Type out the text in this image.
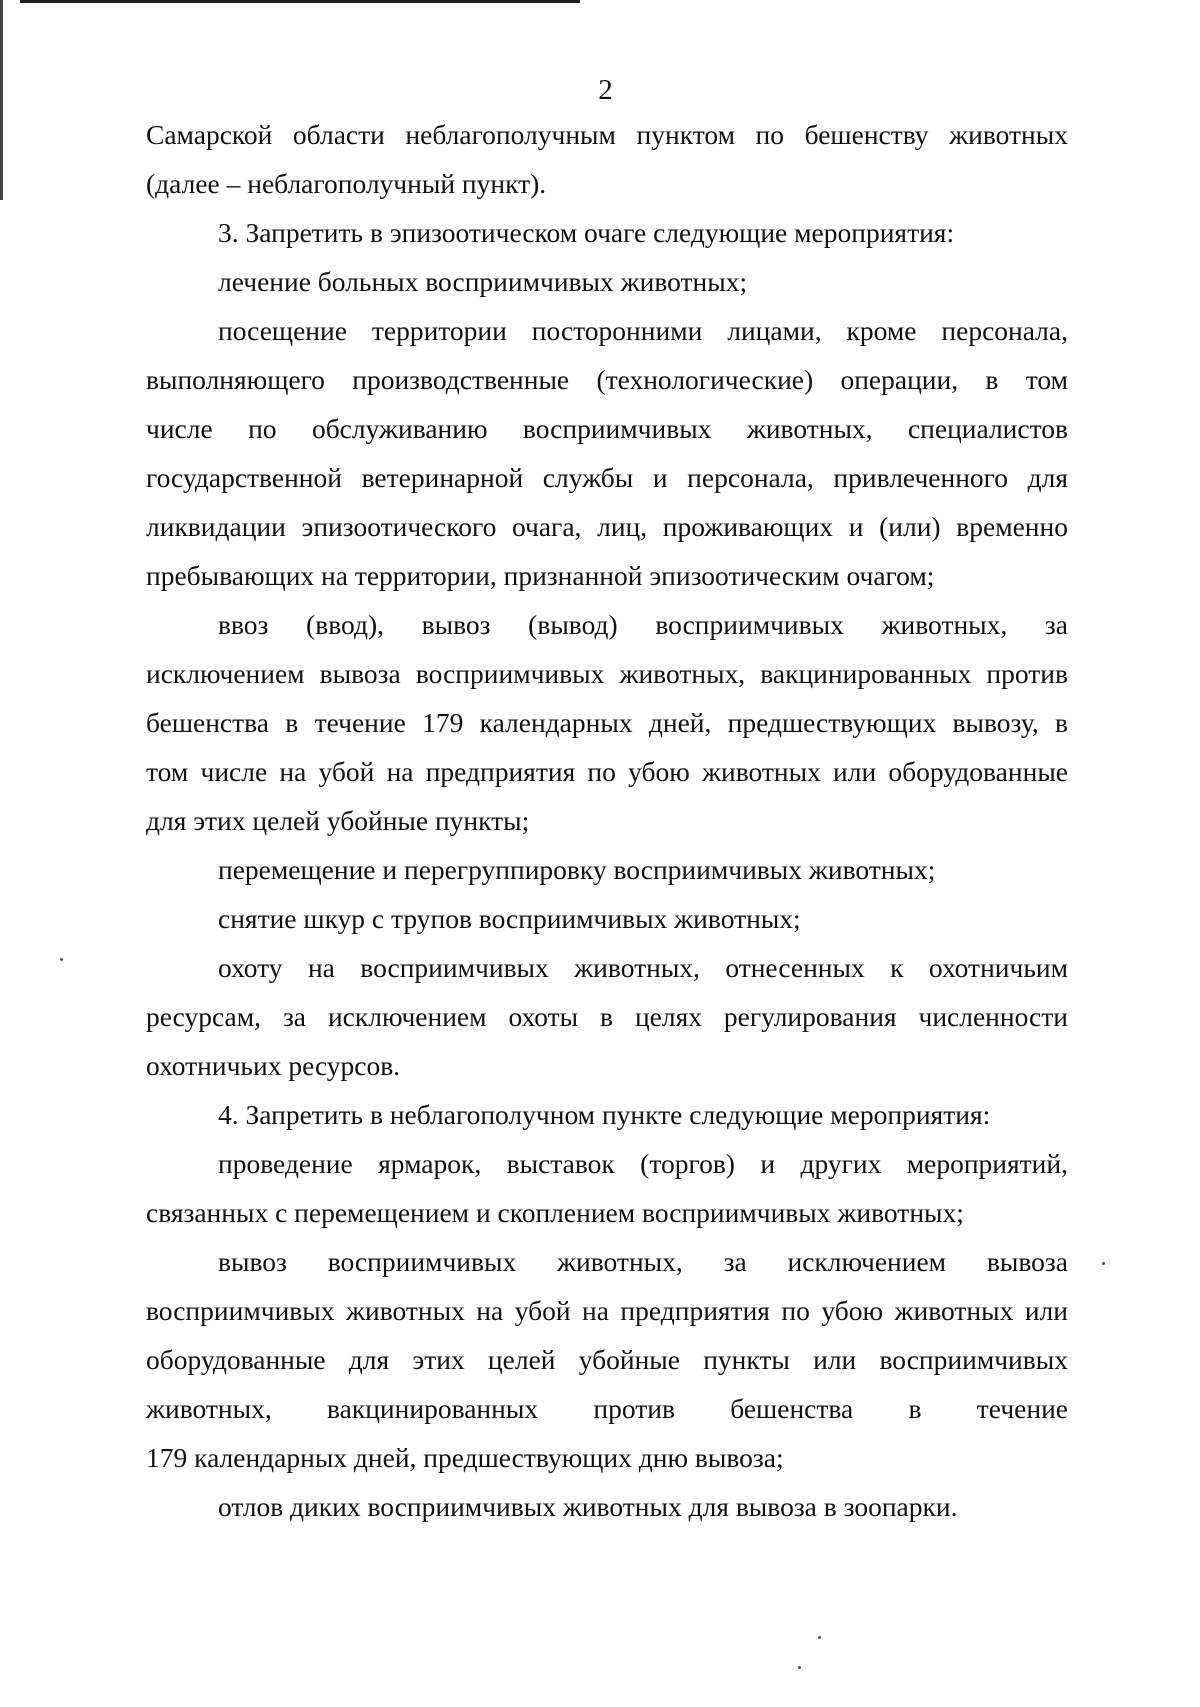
2
Самарской области неблагополучным пунктом по бешенству животных
(далее – неблагополучный пункт).
3. Запретить в эпизоотическом очаге следующие мероприятия:
лечение больных восприимчивых животных;
посещение территории посторонними лицами, кроме персонала,
выполняющего производственные (технологические) операции, в том
числе по обслуживанию восприимчивых животных, специалистов
государственной ветеринарной службы и персонала, привлеченного для
ликвидации эпизоотического очага, лиц, проживающих и (или) временно
пребывающих на территории, признанной эпизоотическим очагом;
ввоз (ввод), вывоз (вывод) восприимчивых животных, за
исключением вывоза восприимчивых животных, вакцинированных против
бешенства в течение 179 календарных дней, предшествующих вывозу, в
том числе на убой на предприятия по убою животных или оборудованные
для этих целей убойные пункты;
перемещение и перегруппировку восприимчивых животных;
снятие шкур с трупов восприимчивых животных;
охоту на восприимчивых животных, отнесенных к охотничьим
ресурсам, за исключением охоты в целях регулирования численности
охотничьих ресурсов.
4. Запретить в неблагополучном пункте следующие мероприятия:
проведение ярмарок, выставок (торгов) и других мероприятий,
связанных с перемещением и скоплением восприимчивых животных;
вывоз восприимчивых животных, за исключением вывоза
восприимчивых животных на убой на предприятия по убою животных или
оборудованные для этих целей убойные пункты или восприимчивых
животных, вакцинированных против бешенства в течение
179 календарных дней, предшествующих дню вывоза;
отлов диких восприимчивых животных для вывоза в зоопарки.
